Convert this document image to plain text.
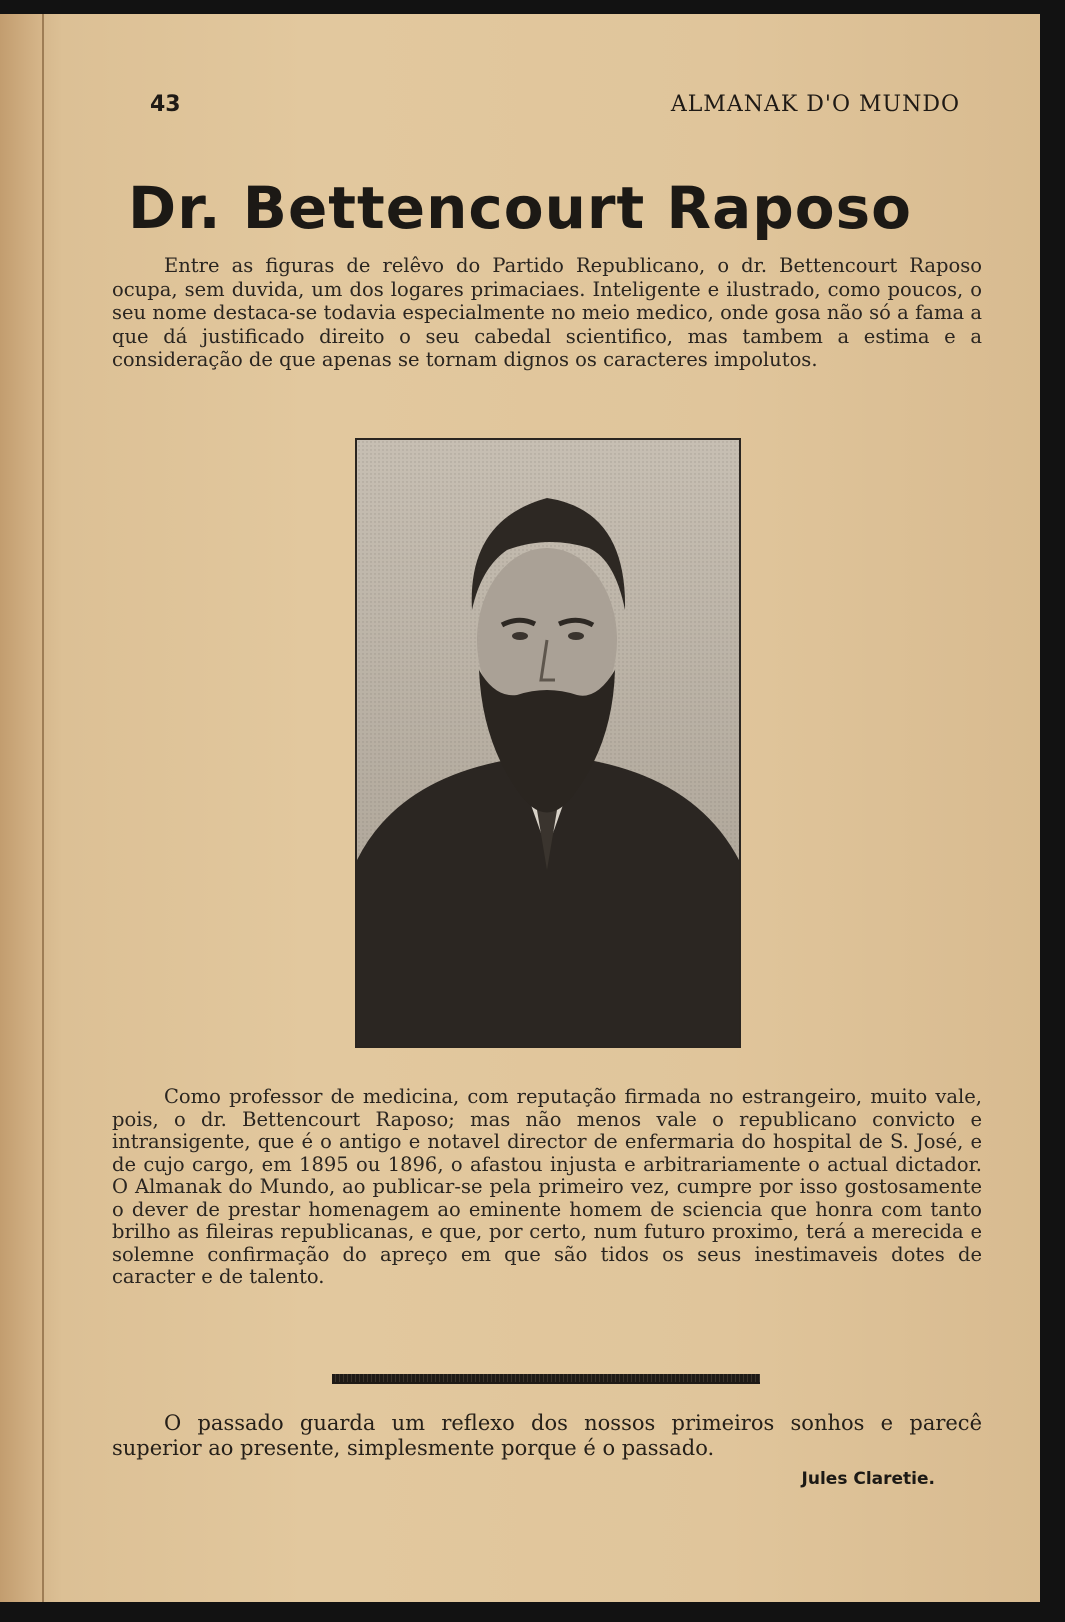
43	ALMANAK D'O MUNDO
Dr. Bettencourt Raposo

Entre as figuras de relêvo do Partido Republicano, o dr. Bettencourt Raposo ocupa, sem duvida, um dos logares primaciaes. Inteligente e ilustrado, como poucos, o seu nome destaca-se todavia especialmente no meio medico, onde gosa não só a fama a que dá justificado direito o seu cabedal scientifico, mas tambem a estima e a consideração de que apenas se tornam dignos os caracteres impolutos.

Como professor de medicina, com reputação firmada no estrangeiro, muito vale, pois, o dr. Bettencourt Raposo; mas não menos vale o republicano convicto e intransigente, que é o antigo e notavel director de enfermaria do hospital de S. José, e de cujo cargo, em 1895 ou 1896, o afastou injusta e arbitrariamente o actual dictador. O Almanak do Mundo, ao publicar-se pela primeiro vez, cumpre por isso gostosamente o dever de prestar homenagem ao eminente homem de sciencia que honra com tanto brilho as fileiras republicanas, e que, por certo, num futuro proximo, terá a merecida e solemne confirmação do apreço em que são tidos os seus inestimaveis dotes de caracter e de talento.

O passado guarda um reflexo dos nossos primeiros sonhos e parecê superior ao presente, simplesmente porque é o passado.

Jules Claretie.
